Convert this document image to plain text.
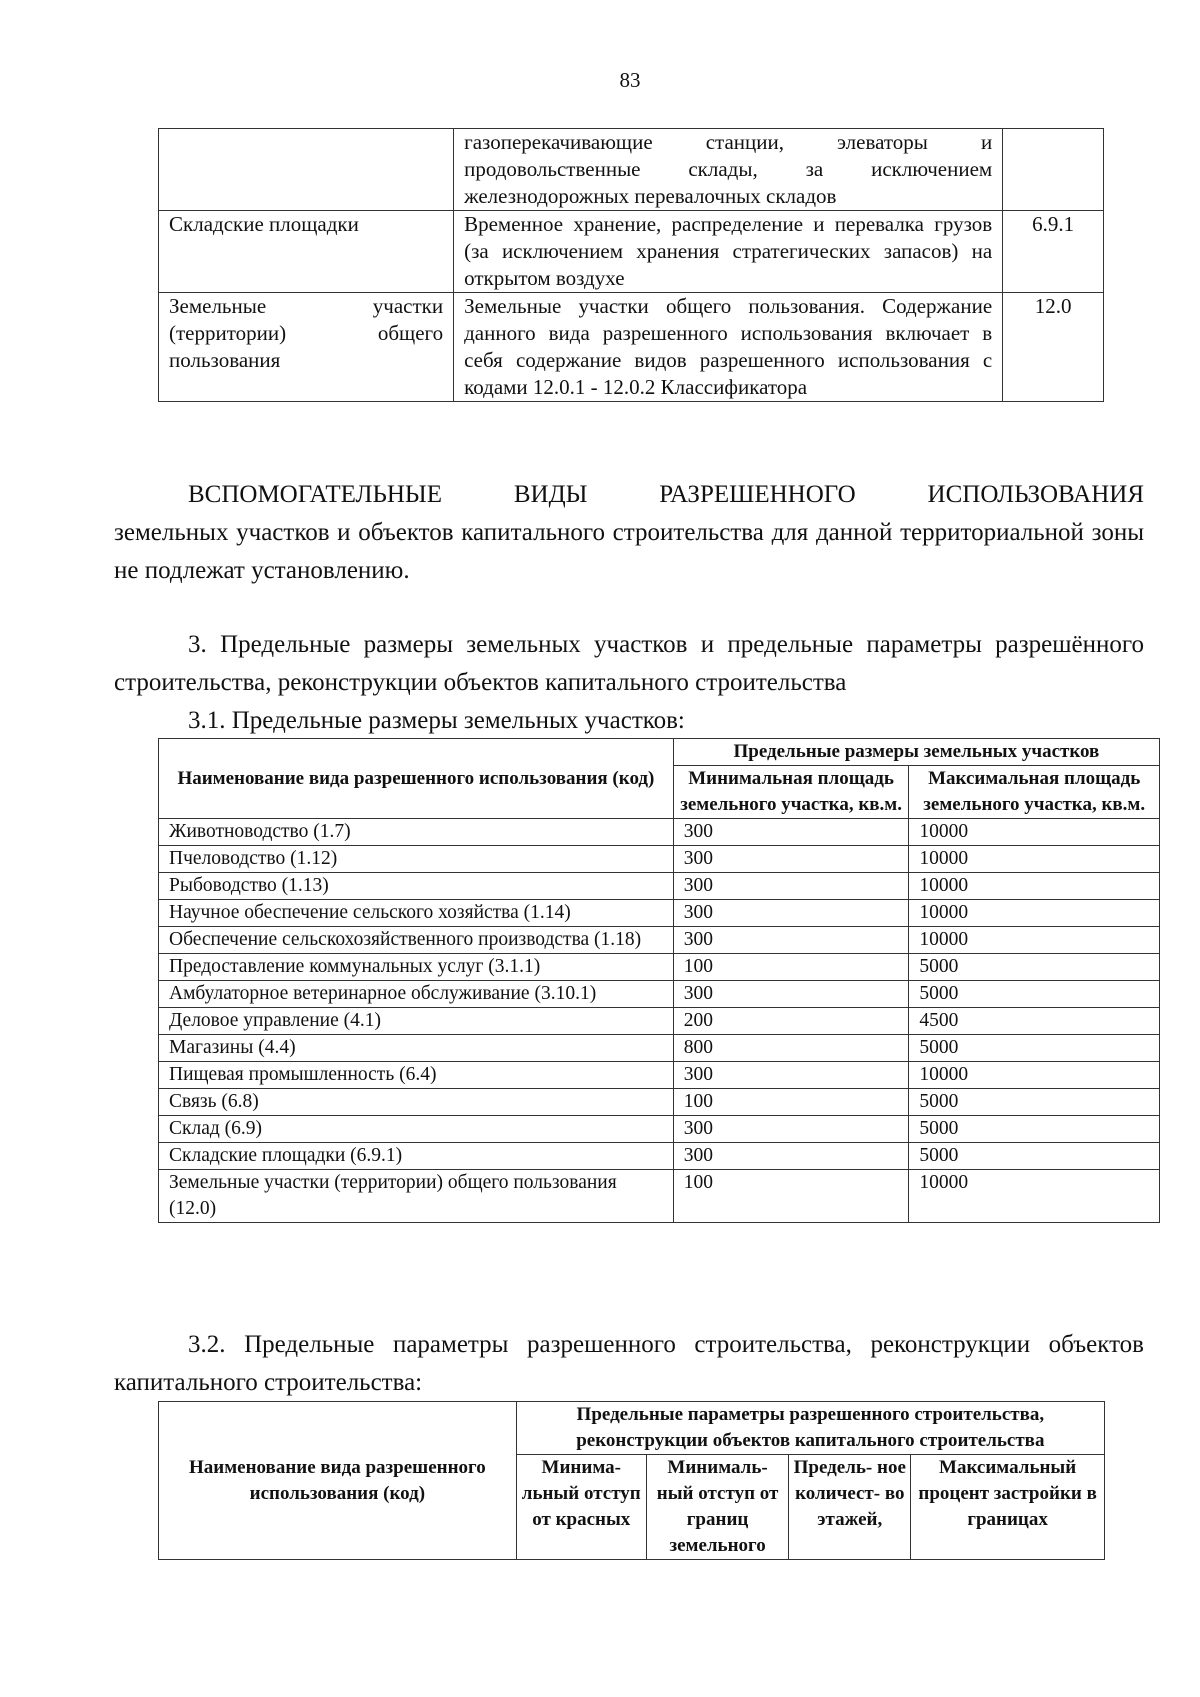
83
	газоперекачивающие станции, элеваторы и продовольственные склады, за исключением железнодорожных перевалочных складов	
Складские площадки	Временное хранение, распределение и перевалка грузов (за исключением хранения стратегических запасов) на открытом воздухе	6.9.1
Земельные участки (территории) общего пользования	Земельные участки общего пользования. Содержание данного вида разрешенного использования включает в себя содержание видов разрешенного использования с кодами 12.0.1 - 12.0.2 Классификатора	12.0
ВСПОМОГАТЕЛЬНЫЕ ВИДЫ РАЗРЕШЕННОГО ИСПОЛЬЗОВАНИЯ
земельных участков и объектов капитального строительства для данной территориальной зоны не подлежат установлению.
3. Предельные размеры земельных участков и предельные параметры разрешённого строительства, реконструкции объектов капитального строительства
3.1. Предельные размеры земельных участков:
Наименование вида разрешенного использования (код)	Предельные размеры земельных участков	
	Минимальная площадь земельного участка, кв.м.	Максимальная площадь земельного участка, кв.м.
Животноводство (1.7)	300	10000
Пчеловодство (1.12)	300	10000
Рыбоводство (1.13)	300	10000
Научное обеспечение сельского хозяйства (1.14)	300	10000
Обеспечение сельскохозяйственного производства (1.18)	300	10000
Предоставление коммунальных услуг (3.1.1)	100	5000
Амбулаторное ветеринарное обслуживание (3.10.1)	300	5000
Деловое управление (4.1)	200	4500
Магазины (4.4)	800	5000
Пищевая промышленность (6.4)	300	10000
Связь (6.8)	100	5000
Склад (6.9)	300	5000
Складские площадки (6.9.1)	300	5000
Земельные участки (территории) общего пользования (12.0)	100	10000
3.2. Предельные параметры разрешенного строительства, реконструкции объектов капитального строительства:
Наименование вида разрешенного использования (код)	Предельные параметры разрешенного строительства, реконструкции объектов капитального строительства			
	Минима- льный отступ от красных	Минималь- ный отступ от границ земельного	Предель- ное количест- во этажей,	Максимальный процент застройки в границах
